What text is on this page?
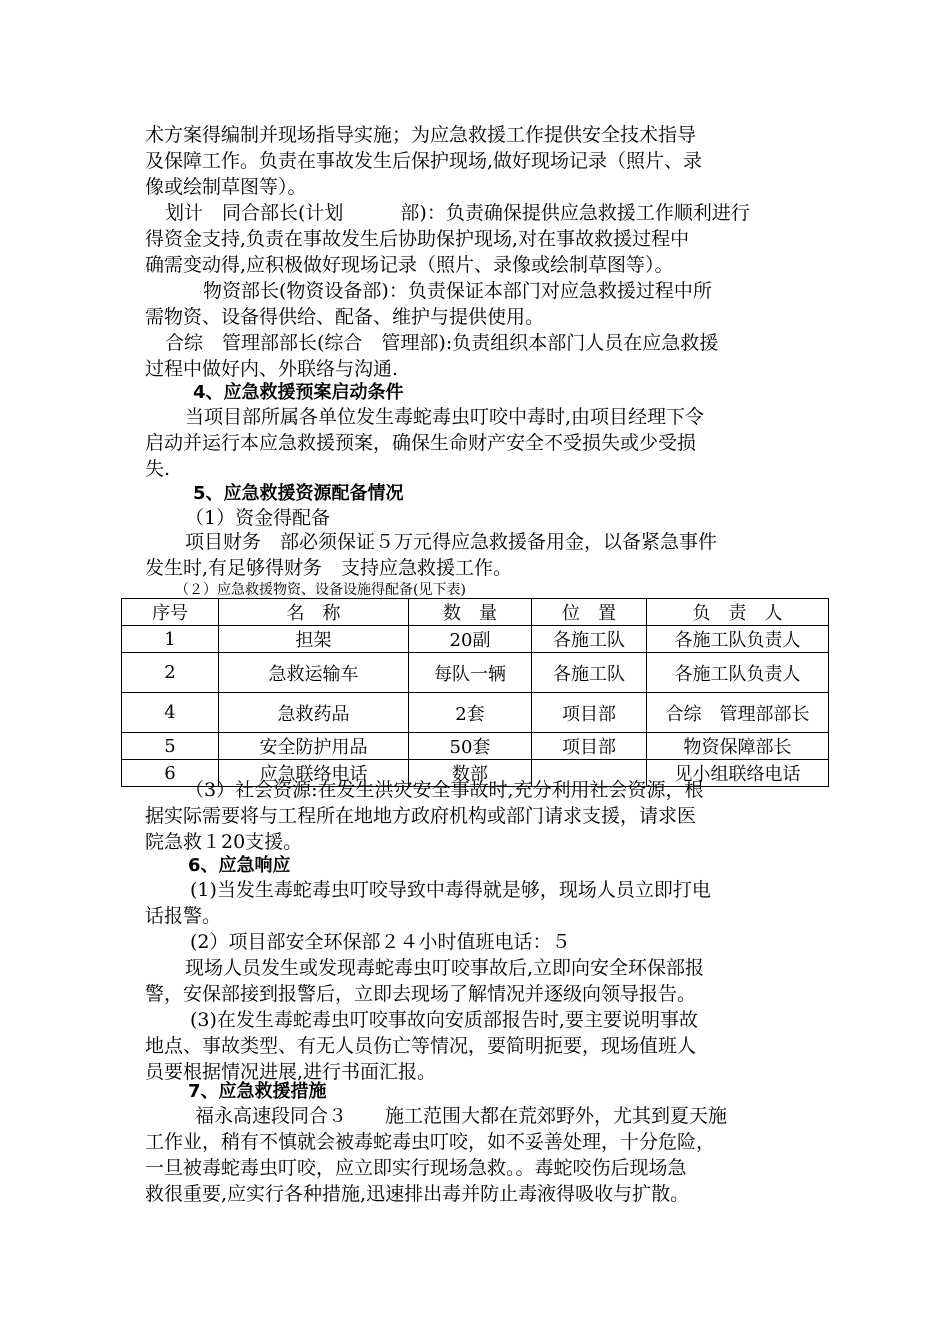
术方案得编制并现场指导实施；为应急救援工作提供安全技术指导

及保障工作。负责在事故发生后保护现场,做好现场记录（照片、录

像或绘制草图等）。

划计　同合部长(计划　　　部)：负责确保提供应急救援工作顺利进行

得资金支持,负责在事故发生后协助保护现场,对在事故救援过程中

确需变动得,应积极做好现场记录（照片、录像或绘制草图等）。

物资部长(物资设备部)：负责保证本部门对应急救援过程中所

需物资、设备得供给、配备、维护与提供使用。

合综　管理部部长(综合　管理部):负责组织本部门人员在应急救援

过程中做好内、外联络与沟通.

4、应急救援预案启动条件

当项目部所属各单位发生毒蛇毒虫叮咬中毒时,由项目经理下令

启动并运行本应急救援预案，确保生命财产安全不受损失或少受损

失.

5、应急救援资源配备情况

（1）资金得配备

项目财务　部必须保证５万元得应急救援备用金，以备紧急事件

发生时,有足够得财务　支持应急救援工作。

（２）应急救援物资、设备设施得配备(见下表)

序号	名　称	数　量	位　置	负　责　人
1	担架	20副	各施工队	各施工队负责人
2	急救运输车	每队一辆	各施工队	各施工队负责人
4	急救药品	2套	项目部	合综　管理部部长
5	安全防护用品	50套	项目部	物资保障部长
6	应急联络电话	数部		见小组联络电话

（3）社会资源:在发生洪灾安全事故时,充分利用社会资源，根

据实际需要将与工程所在地地方政府机构或部门请求支援，请求医

院急救１20支援。

6、应急响应

(1)当发生毒蛇毒虫叮咬导致中毒得就是够，现场人员立即打电

话报警。

(2）项目部安全环保部２４小时值班电话：５

现场人员发生或发现毒蛇毒虫叮咬事故后,立即向安全环保部报

警，安保部接到报警后，立即去现场了解情况并逐级向领导报告。

(3)在发生毒蛇毒虫叮咬事故向安质部报告时,要主要说明事故

地点、事故类型、有无人员伤亡等情况，要简明扼要，现场值班人

员要根据情况进展,进行书面汇报。

7、应急救援措施

福永高速段同合３　　施工范围大都在荒郊野外，尤其到夏天施

工作业，稍有不慎就会被毒蛇毒虫叮咬，如不妥善处理，十分危险，

一旦被毒蛇毒虫叮咬，应立即实行现场急救。。毒蛇咬伤后现场急

救很重要,应实行各种措施,迅速排出毒并防止毒液得吸收与扩散。
